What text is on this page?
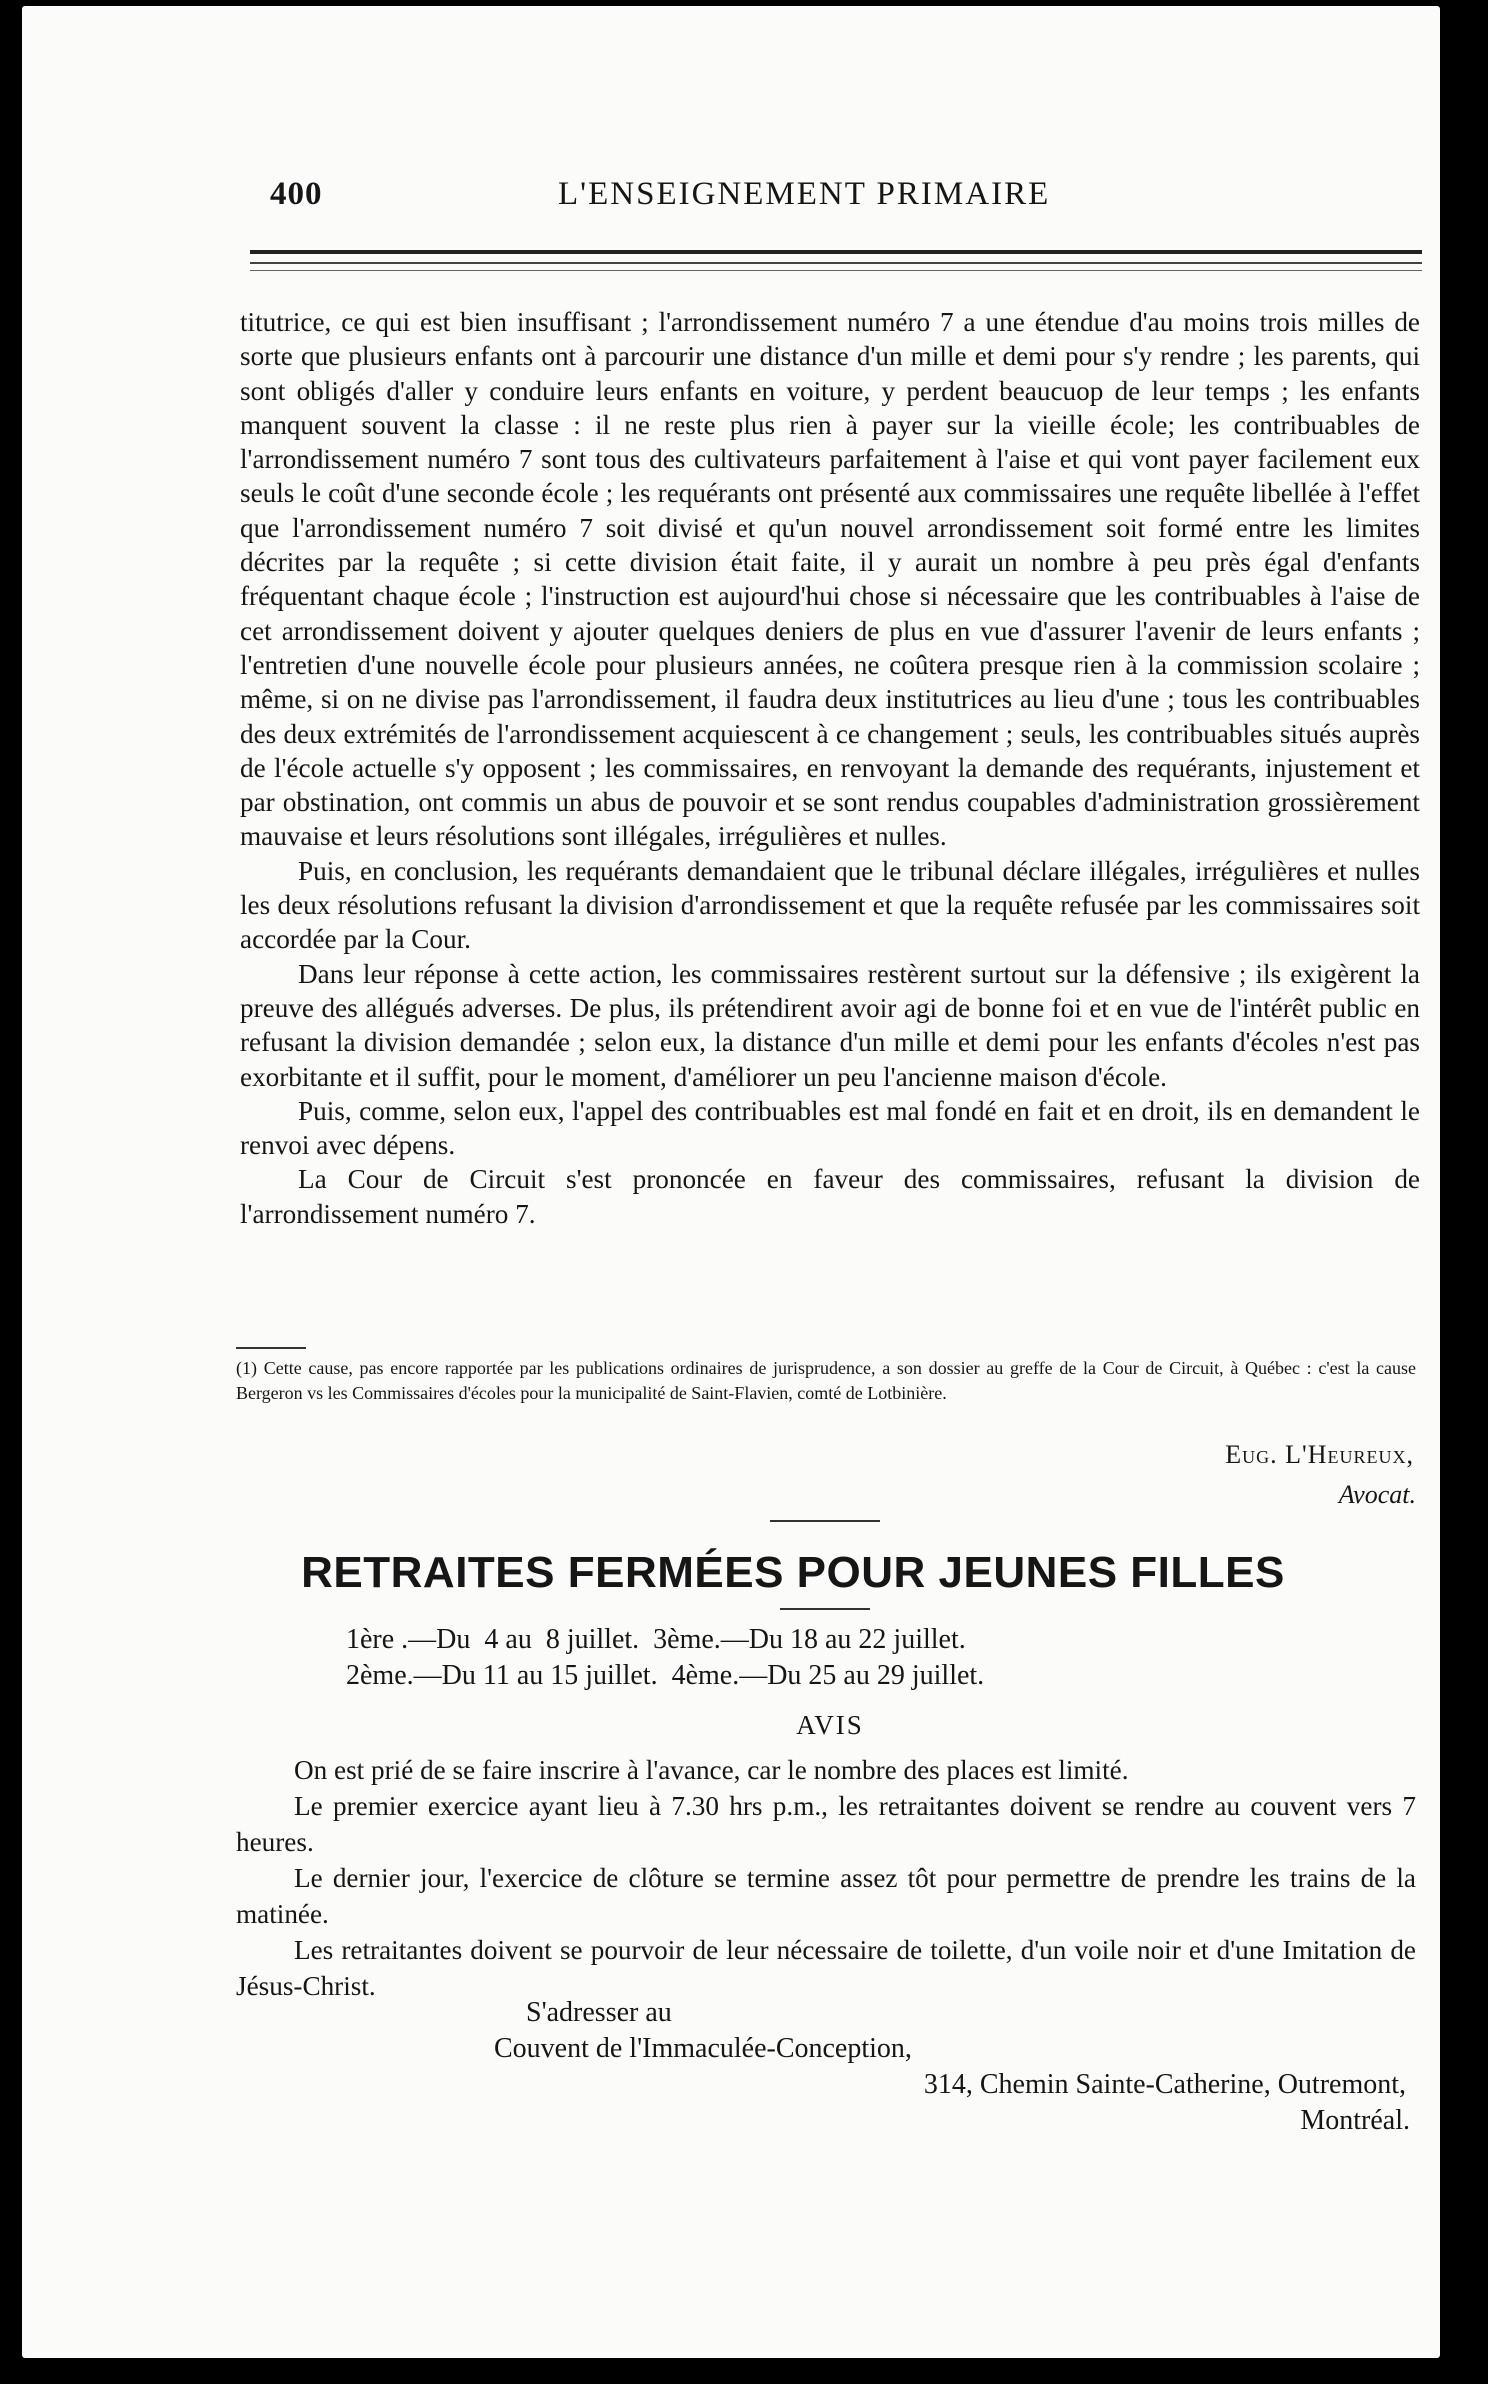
400	L'ENSEIGNEMENT PRIMAIRE

titutrice, ce qui est bien insuffisant ; l'arrondissement numéro 7 a une étendue d'au moins trois milles de sorte que plusieurs enfants ont à parcourir une distance d'un mille et demi pour s'y rendre ; les parents, qui sont obligés d'aller y conduire leurs enfants en voiture, y perdent beaucuop de leur temps ; les enfants manquent souvent la classe : il ne reste plus rien à payer sur la vieille école; les contribuables de l'arrondissement numéro 7 sont tous des cultivateurs parfaitement à l'aise et qui vont payer facilement eux seuls le coût d'une seconde école ; les requérants ont présenté aux commissaires une requête libellée à l'effet que l'arrondissement numéro 7 soit divisé et qu'un nouvel arrondissement soit formé entre les limites décrites par la requête ; si cette division était faite, il y aurait un nombre à peu près égal d'enfants fréquentant chaque école ; l'instruction est aujourd'hui chose si nécessaire que les contribuables à l'aise de cet arrondissement doivent y ajouter quelques deniers de plus en vue d'assurer l'avenir de leurs enfants ; l'entretien d'une nouvelle école pour plusieurs années, ne coûtera presque rien à la commission scolaire ; même, si on ne divise pas l'arrondissement, il faudra deux institutrices au lieu d'une ; tous les contribuables des deux extrémités de l'arrondissement acquiescent à ce changement ; seuls, les contribuables situés auprès de l'école actuelle s'y opposent ; les commissaires, en renvoyant la demande des requérants, injustement et par obstination, ont commis un abus de pouvoir et se sont rendus coupables d'administration grossièrement mauvaise et leurs résolutions sont illégales, irrégulières et nulles.

Puis, en conclusion, les requérants demandaient que le tribunal déclare illégales, irrégulières et nulles les deux résolutions refusant la division d'arrondissement et que la requête refusée par les commissaires soit accordée par la Cour.

Dans leur réponse à cette action, les commissaires restèrent surtout sur la défensive ; ils exigèrent la preuve des allégués adverses. De plus, ils prétendirent avoir agi de bonne foi et en vue de l'intérêt public en refusant la division demandée ; selon eux, la distance d'un mille et demi pour les enfants d'écoles n'est pas exorbitante et il suffit, pour le moment, d'améliorer un peu l'ancienne maison d'école.

Puis, comme, selon eux, l'appel des contribuables est mal fondé en fait et en droit, ils en demandent le renvoi avec dépens.

La Cour de Circuit s'est prononcée en faveur des commissaires, refusant la division de l'arrondissement numéro 7.

(1) Cette cause, pas encore rapportée par les publications ordinaires de jurisprudence, a son dossier au greffe de la Cour de Circuit, à Québec : c'est la cause Bergeron vs les Commissaires d'écoles pour la municipalité de Saint-Flavien, comté de Lotbinière.
Eug. L'Heureux,
Avocat.
RETRAITES FERMÉES POUR JEUNES FILLES
1ère .—Du  4 au  8 juillet.  3ème.—Du 18 au 22 juillet.
2ème.—Du 11 au 15 juillet.  4ème.—Du 25 au 29 juillet.
AVIS

On est prié de se faire inscrire à l'avance, car le nombre des places est limité.

Le premier exercice ayant lieu à 7.30 hrs p.m., les retraitantes doivent se rendre au couvent vers 7 heures.

Le dernier jour, l'exercice de clôture se termine assez tôt pour permettre de prendre les trains de la matinée.

Les retraitantes doivent se pourvoir de leur nécessaire de toilette, d'un voile noir et d'une Imitation de Jésus-Christ.

S'adresser au
Couvent de l'Immaculée-Conception,
314, Chemin Sainte-Catherine, Outremont,
Montréal.
